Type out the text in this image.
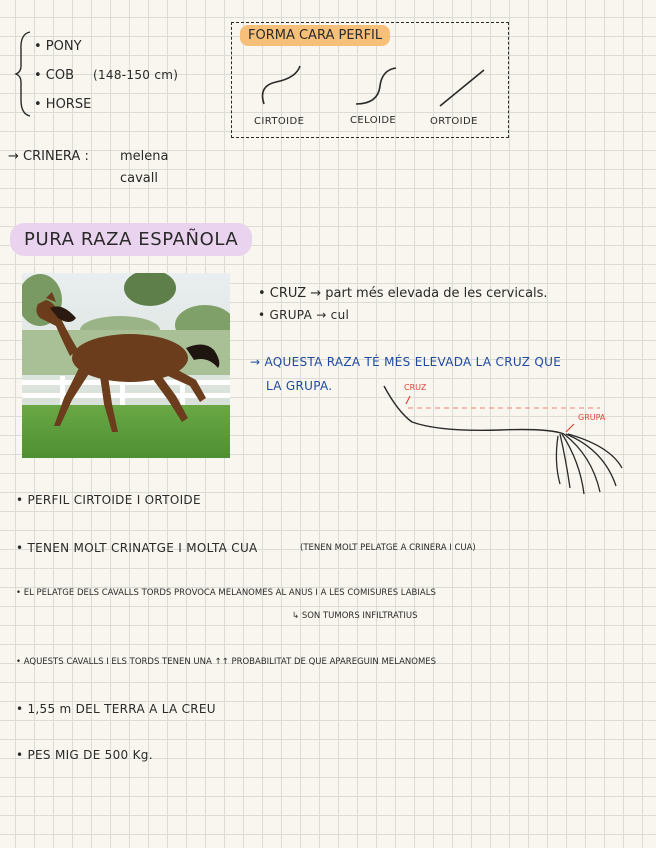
• PONY
• COB (148-150 cm)
• HORSE
FORMA CARA PERFIL
CIRTOIDE	CELOIDE	ORTOIDE
→ CRINERA : melena
cavall
PURA RAZA ESPAÑOLA
• CRUZ → part més elevada de les cervicals.
• GRUPA → cul
→ AQUESTA RAZA TÉ MÉS ELEVADA LA CRUZ QUE
LA GRUPA.	CRUZ
GRUPA
• PERFIL CIRTOIDE I ORTOIDE
• TENEN MOLT CRINATGE I MOLTA CUA	(TENEN MOLT PELATGE A CRINERA I CUA)
• EL PELATGE DELS CAVALLS TORDS PROVOCA MELANOMES AL ANUS I A LES COMISURES LABIALS
↳ SON TUMORS INFILTRATIUS
• AQUESTS CAVALLS I ELS TORDS TENEN UNA ↑↑ PROBABILITAT DE QUE APAREGUIN MELANOMES
• 1,55 m DEL TERRA A LA CREU
• PES MIG DE 500 Kg.
